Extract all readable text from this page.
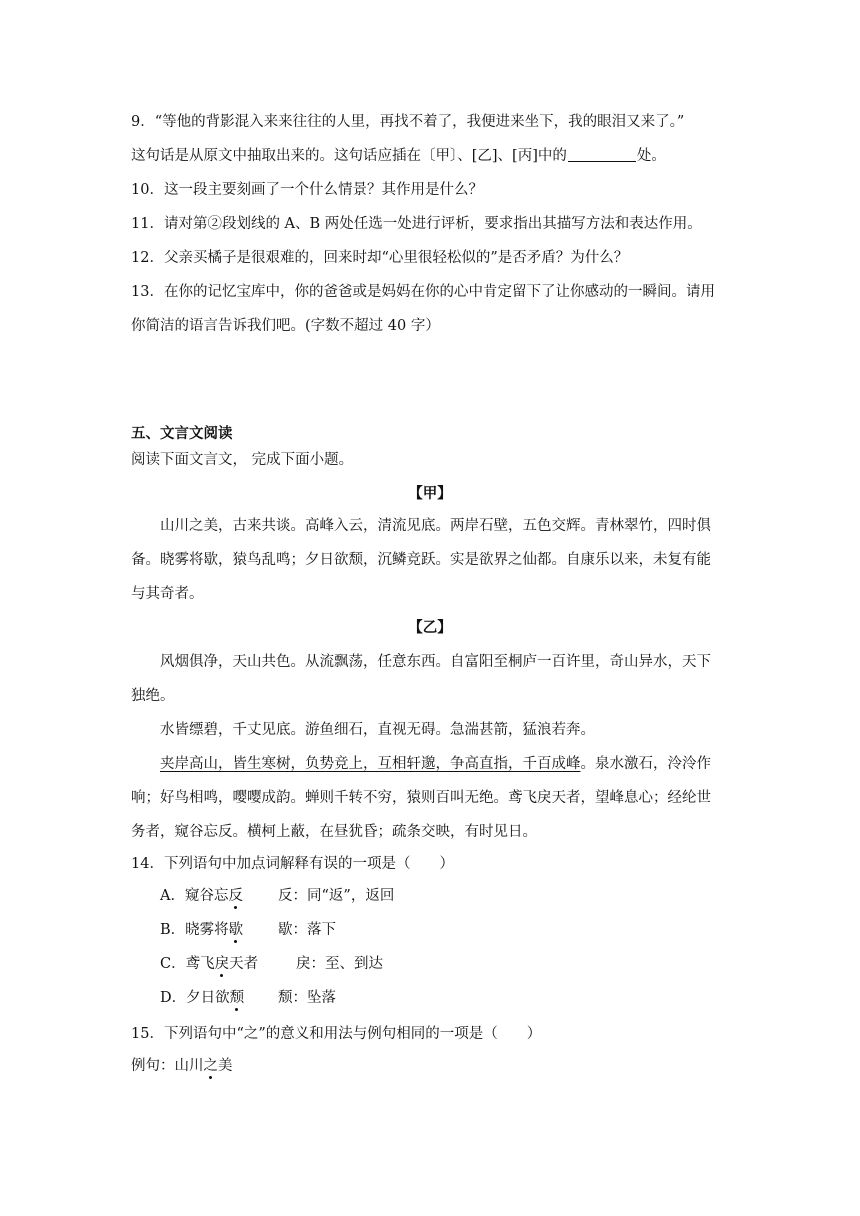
9．“等他的背影混入来来往往的人里，再找不着了，我便进来坐下，我的眼泪又来了。”
这句话是从原文中抽取出来的。这句话应插在〔甲〕、[乙]、[丙]中的	处。
10．这一段主要刻画了一个什么情景？其作用是什么？
11．请对第②段划线的 A、B 两处任选一处进行评析，要求指出其描写方法和表达作用。
12．父亲买橘子是很艰难的，回来时却“心里很轻松似的”是否矛盾？为什么？
13．在你的记忆宝库中，你的爸爸或是妈妈在你的心中肯定留下了让你感动的一瞬间。请用
你简洁的语言告诉我们吧。(字数不超过 40 字）
五、文言文阅读
阅读下面文言文， 完成下面小题。
【甲】
山川之美，古来共谈。高峰入云，清流见底。两岸石壁，五色交辉。青林翠竹，四时俱
备。晓雾将歇，猿鸟乱鸣；夕日欲颓，沉鳞竞跃。实是欲界之仙都。自康乐以来，未复有能
与其奇者。
【乙】
风烟俱净，天山共色。从流飘荡，任意东西。自富阳至桐庐一百许里，奇山异水，天下
独绝。
水皆缥碧，千丈见底。游鱼细石，直视无碍。急湍甚箭，猛浪若奔。
夹岸高山，皆生寒树，负势竞上，互相轩邈，争高直指，千百成峰。泉水激石，泠泠作
响；好鸟相鸣，嘤嘤成韵。蝉则千转不穷，猿则百叫无绝。鸢飞戾天者，望峰息心；经纶世
务者，窥谷忘反。横柯上蔽，在昼犹昏；疏条交映，有时见日。
14．下列语句中加点词解释有误的一项是（　　）
A．窥谷忘反 反：同“返”，返回
B．晓雾将歇 歇：落下
C．鸢飞戾天者	戾：至、到达
D．夕日欲颓 颓：坠落
15．下列语句中“之”的意义和用法与例句相同的一项是（　　）
例句：山川之美
